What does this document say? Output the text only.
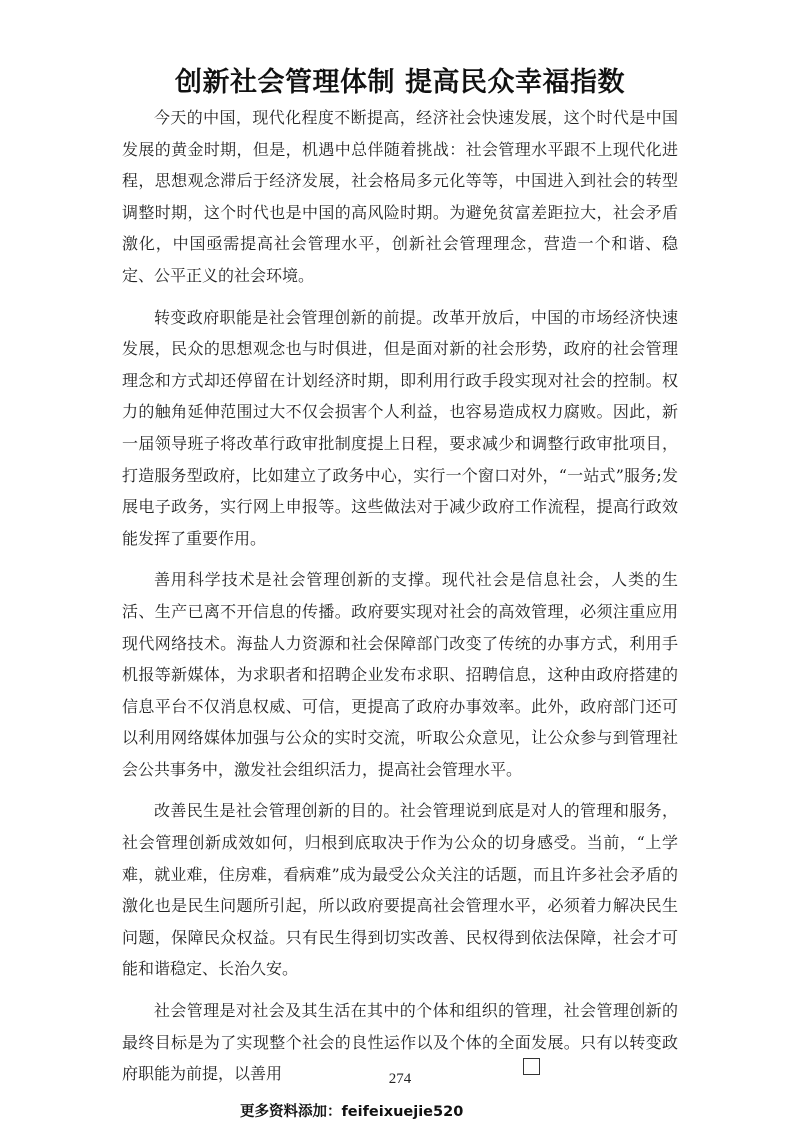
创新社会管理体制 提高民众幸福指数

今天的中国，现代化程度不断提高，经济社会快速发展，这个时代是中国发展的黄金时期，但是，机遇中总伴随着挑战：社会管理水平跟不上现代化进程，思想观念滞后于经济发展，社会格局多元化等等，中国进入到社会的转型调整时期，这个时代也是中国的高风险时期。为避免贫富差距拉大，社会矛盾激化，中国亟需提高社会管理水平，创新社会管理理念，营造一个和谐、稳定、公平正义的社会环境。

转变政府职能是社会管理创新的前提。改革开放后，中国的市场经济快速发展，民众的思想观念也与时俱进，但是面对新的社会形势，政府的社会管理理念和方式却还停留在计划经济时期，即利用行政手段实现对社会的控制。权力的触角延伸范围过大不仅会损害个人利益，也容易造成权力腐败。因此，新一届领导班子将改革行政审批制度提上日程，要求减少和调整行政审批项目，打造服务型政府，比如建立了政务中心，实行一个窗口对外，“一站式”服务;发展电子政务，实行网上申报等。这些做法对于减少政府工作流程，提高行政效能发挥了重要作用。

善用科学技术是社会管理创新的支撑。现代社会是信息社会，人类的生活、生产已离不开信息的传播。政府要实现对社会的高效管理，必须注重应用现代网络技术。海盐人力资源和社会保障部门改变了传统的办事方式，利用手机报等新媒体，为求职者和招聘企业发布求职、招聘信息，这种由政府搭建的信息平台不仅消息权威、可信，更提高了政府办事效率。此外，政府部门还可以利用网络媒体加强与公众的实时交流，听取公众意见，让公众参与到管理社会公共事务中，激发社会组织活力，提高社会管理水平。

改善民生是社会管理创新的目的。社会管理说到底是对人的管理和服务，社会管理创新成效如何，归根到底取决于作为公众的切身感受。当前，“上学难，就业难，住房难，看病难”成为最受公众关注的话题，而且许多社会矛盾的激化也是民生问题所引起，所以政府要提高社会管理水平，必须着力解决民生问题，保障民众权益。只有民生得到切实改善、民权得到依法保障，社会才可能和谐稳定、长治久安。

社会管理是对社会及其生活在其中的个体和组织的管理，社会管理创新的最终目标是为了实现整个社会的良性运作以及个体的全面发展。只有以转变政府职能为前提，以善用	274
更多资料添加：feifeixuejie520
